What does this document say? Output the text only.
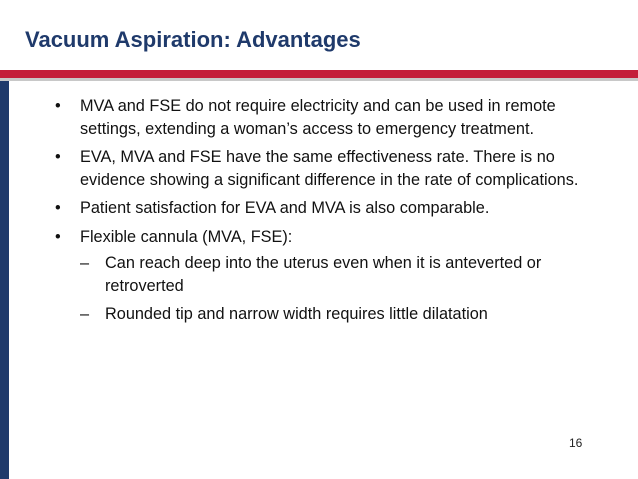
Vacuum Aspiration: Advantages
• MVA and FSE do not require electricity and can be used in remote settings, extending a woman’s access to emergency treatment.
• EVA, MVA and FSE have the same effectiveness rate. There is no evidence showing a significant difference in the rate of complications.
• Patient satisfaction for EVA and MVA is also comparable.
• Flexible cannula (MVA, FSE):
– Can reach deep into the uterus even when it is anteverted or retroverted
– Rounded tip and narrow width requires little dilatation
16
